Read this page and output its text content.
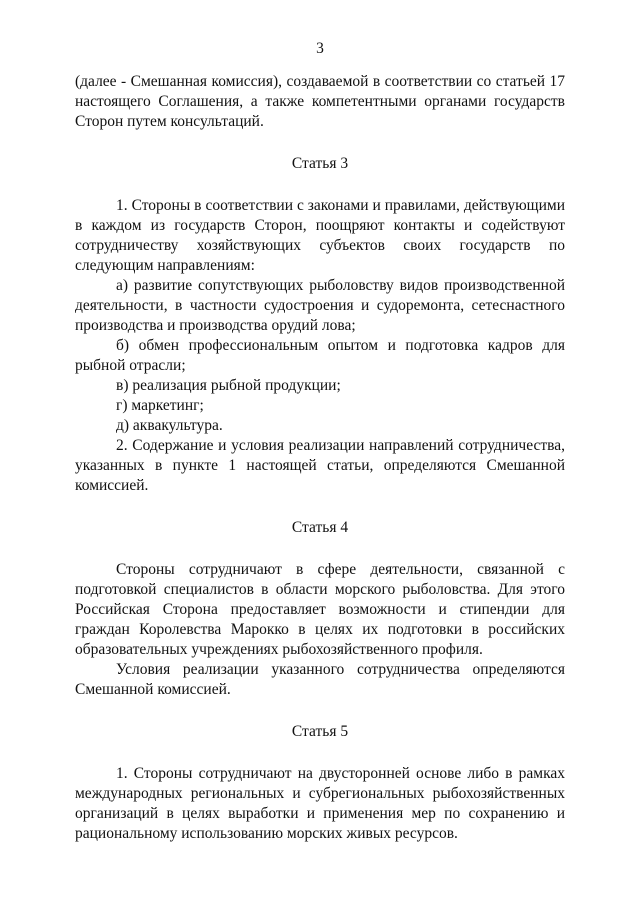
3

(далее - Смешанная комиссия), создаваемой в соответствии со статьей 17 настоящего Соглашения, а также компетентными органами государств Сторон путем консультаций.

Статья 3

1. Стороны в соответствии с законами и правилами, действующими в каждом из государств Сторон, поощряют контакты и содействуют сотрудничеству хозяйствующих субъектов своих государств по следующим направлениям:

а) развитие сопутствующих рыболовству видов производственной деятельности, в частности судостроения и судоремонта, сетеснастного производства и производства орудий лова;

б) обмен профессиональным опытом и подготовка кадров для рыбной отрасли;

в) реализация рыбной продукции;

г) маркетинг;

д) аквакультура.

2. Содержание и условия реализации направлений сотрудничества, указанных в пункте 1 настоящей статьи, определяются Смешанной комиссией.

Статья 4

Стороны сотрудничают в сфере деятельности, связанной с подготовкой специалистов в области морского рыболовства. Для этого Российская Сторона предоставляет возможности и стипендии для граждан Королевства Марокко в целях их подготовки в российских образовательных учреждениях рыбохозяйственного профиля.

Условия реализации указанного сотрудничества определяются Смешанной комиссией.

Статья 5

1. Стороны сотрудничают на двусторонней основе либо в рамках международных региональных и субрегиональных рыбохозяйственных организаций в целях выработки и применения мер по сохранению и рациональному использованию морских живых ресурсов.
